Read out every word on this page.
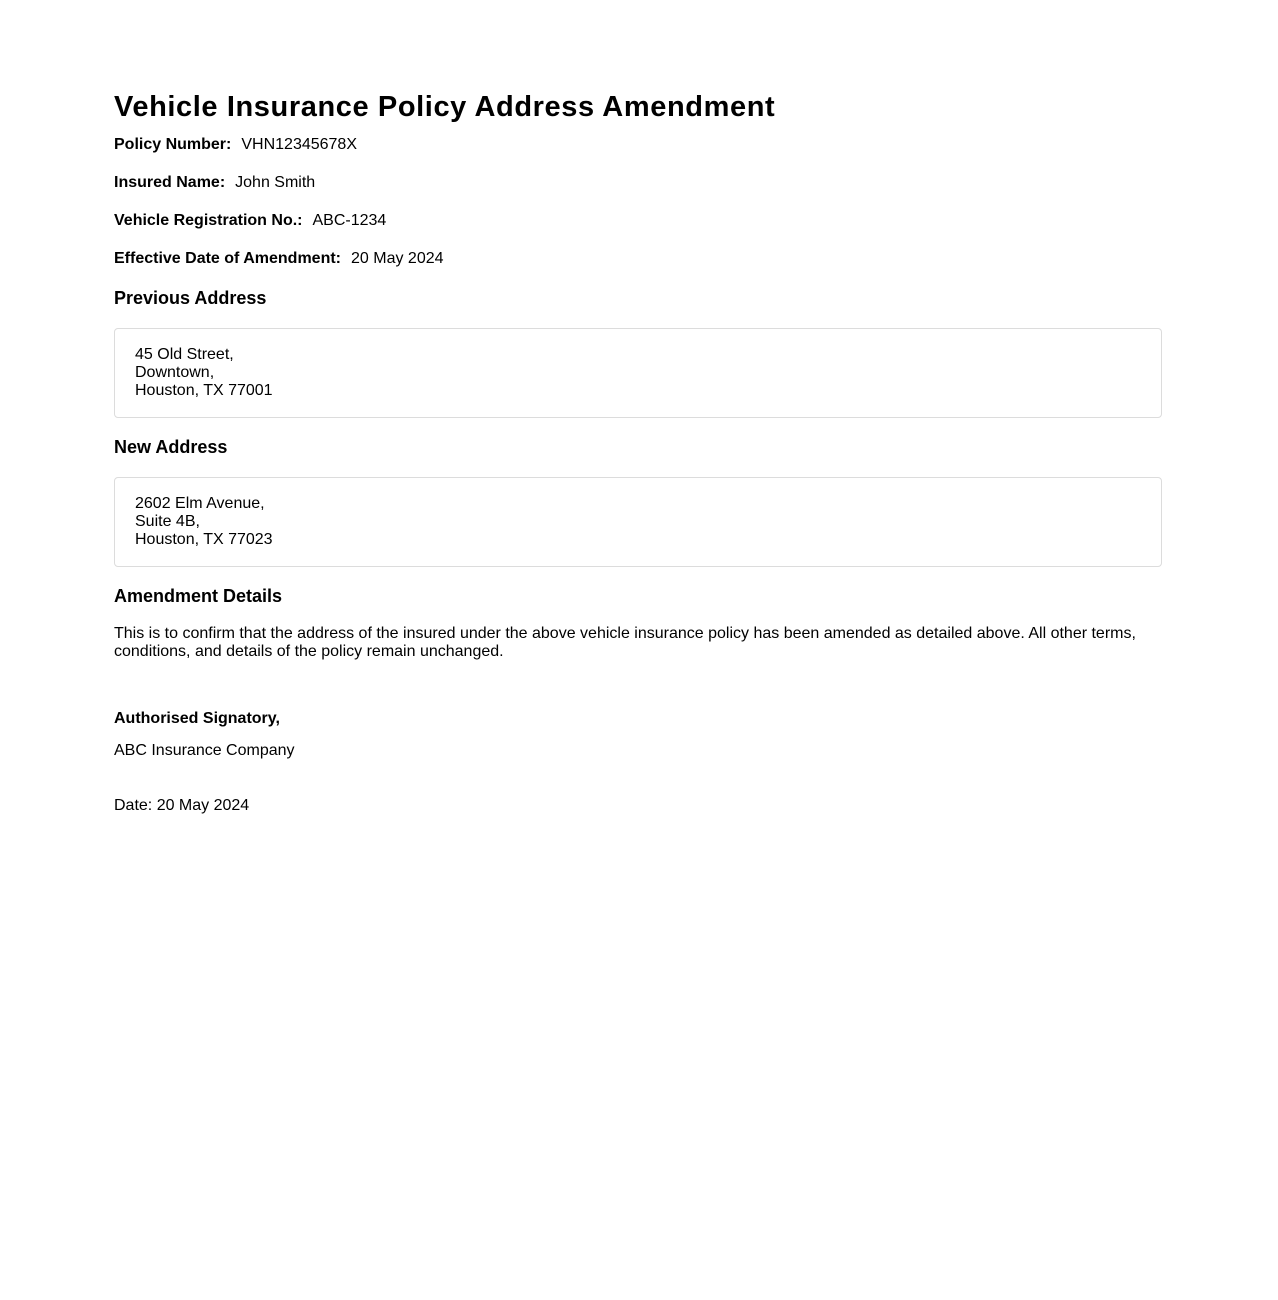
Vehicle Insurance Policy Address Amendment
Policy Number: VHN12345678X
Insured Name: John Smith
Vehicle Registration No.: ABC-1234
Effective Date of Amendment: 20 May 2024
Previous Address
45 Old Street,
Downtown,
Houston, TX 77001
New Address
2602 Elm Avenue,
Suite 4B,
Houston, TX 77023
Amendment Details

This is to confirm that the address of the insured under the above vehicle insurance policy has been amended as detailed above. All other terms, conditions, and details of the policy remain unchanged.

Authorised Signatory,
ABC Insurance Company
Date: 20 May 2024
